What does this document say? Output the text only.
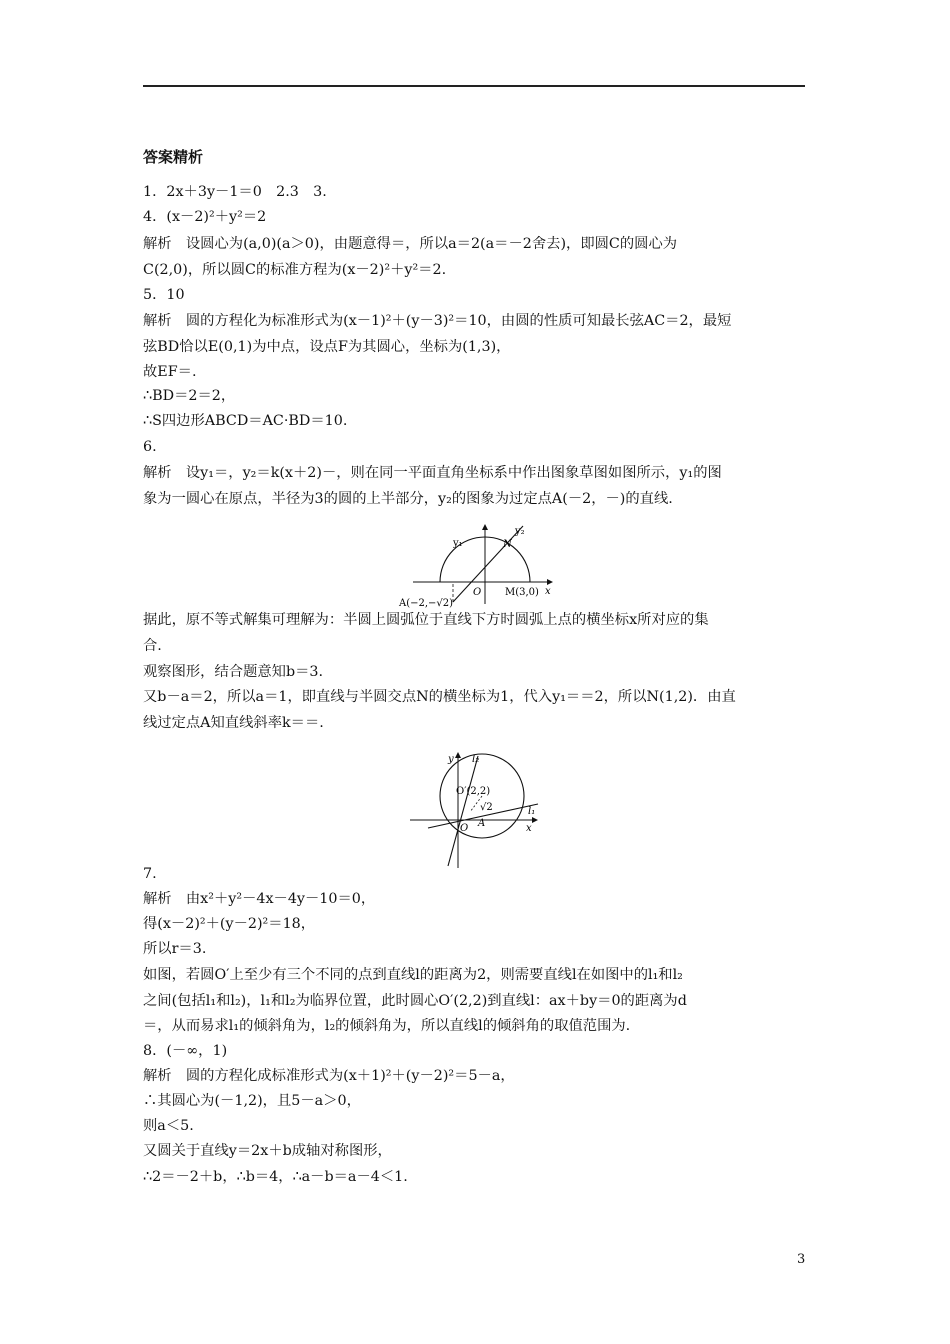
答案精析
1．2x＋3y－1＝0　2.3　3.
4．(x－2)²＋y²＝2
解析　设圆心为(a,0)(a＞0)，由题意得＝，所以a＝2(a＝－2舍去)，即圆C的圆心为
C(2,0)，所以圆C的标准方程为(x－2)²＋y²＝2.
5．10
解析　圆的方程化为标准形式为(x－1)²＋(y－3)²＝10，由圆的性质可知最长弦AC＝2，最短
弦BD恰以E(0,1)为中点，设点F为其圆心，坐标为(1,3)，
故EF＝.
∴BD＝2＝2，
∴S四边形ABCD＝AC·BD＝10.
6.
解析　设y₁＝，y₂＝k(x＋2)－，则在同一平面直角坐标系中作出图象草图如图所示，y₁的图
象为一圆心在原点，半径为3的圆的上半部分，y₂的图象为过定点A(－2，－)的直线.
据此，原不等式解集可理解为：半圆上圆弧位于直线下方时圆弧上点的横坐标x所对应的集
合.
观察图形，结合题意知b＝3.
又b－a＝2，所以a＝1，即直线与半圆交点N的横坐标为1，代入y₁＝＝2，所以N(1,2)．由直
线过定点A知直线斜率k＝＝.
7.
解析　由x²＋y²－4x－4y－10＝0，
得(x－2)²＋(y－2)²＝18，
所以r＝3.
如图，若圆O′上至少有三个不同的点到直线l的距离为2，则需要直线l在如图中的l₁和l₂
之间(包括l₁和l₂)，l₁和l₂为临界位置，此时圆心O′(2,2)到直线l：ax＋by＝0的距离为d
＝，从而易求l₁的倾斜角为，l₂的倾斜角为，所以直线l的倾斜角的取值范围为.
8．(－∞，1)
解析　圆的方程化成标准形式为(x＋1)²＋(y－2)²＝5－a，
∴其圆心为(－1,2)，且5－a＞0，
则a＜5.
又圆关于直线y＝2x＋b成轴对称图形，
∴2＝－2＋b，∴b＝4，∴a－b＝a－4＜1.
y₁
y₂
N
O M(3,0) x
A(−2,−√2)
y l₂
O′(2,2)
√2	l₁
x
O A
3
